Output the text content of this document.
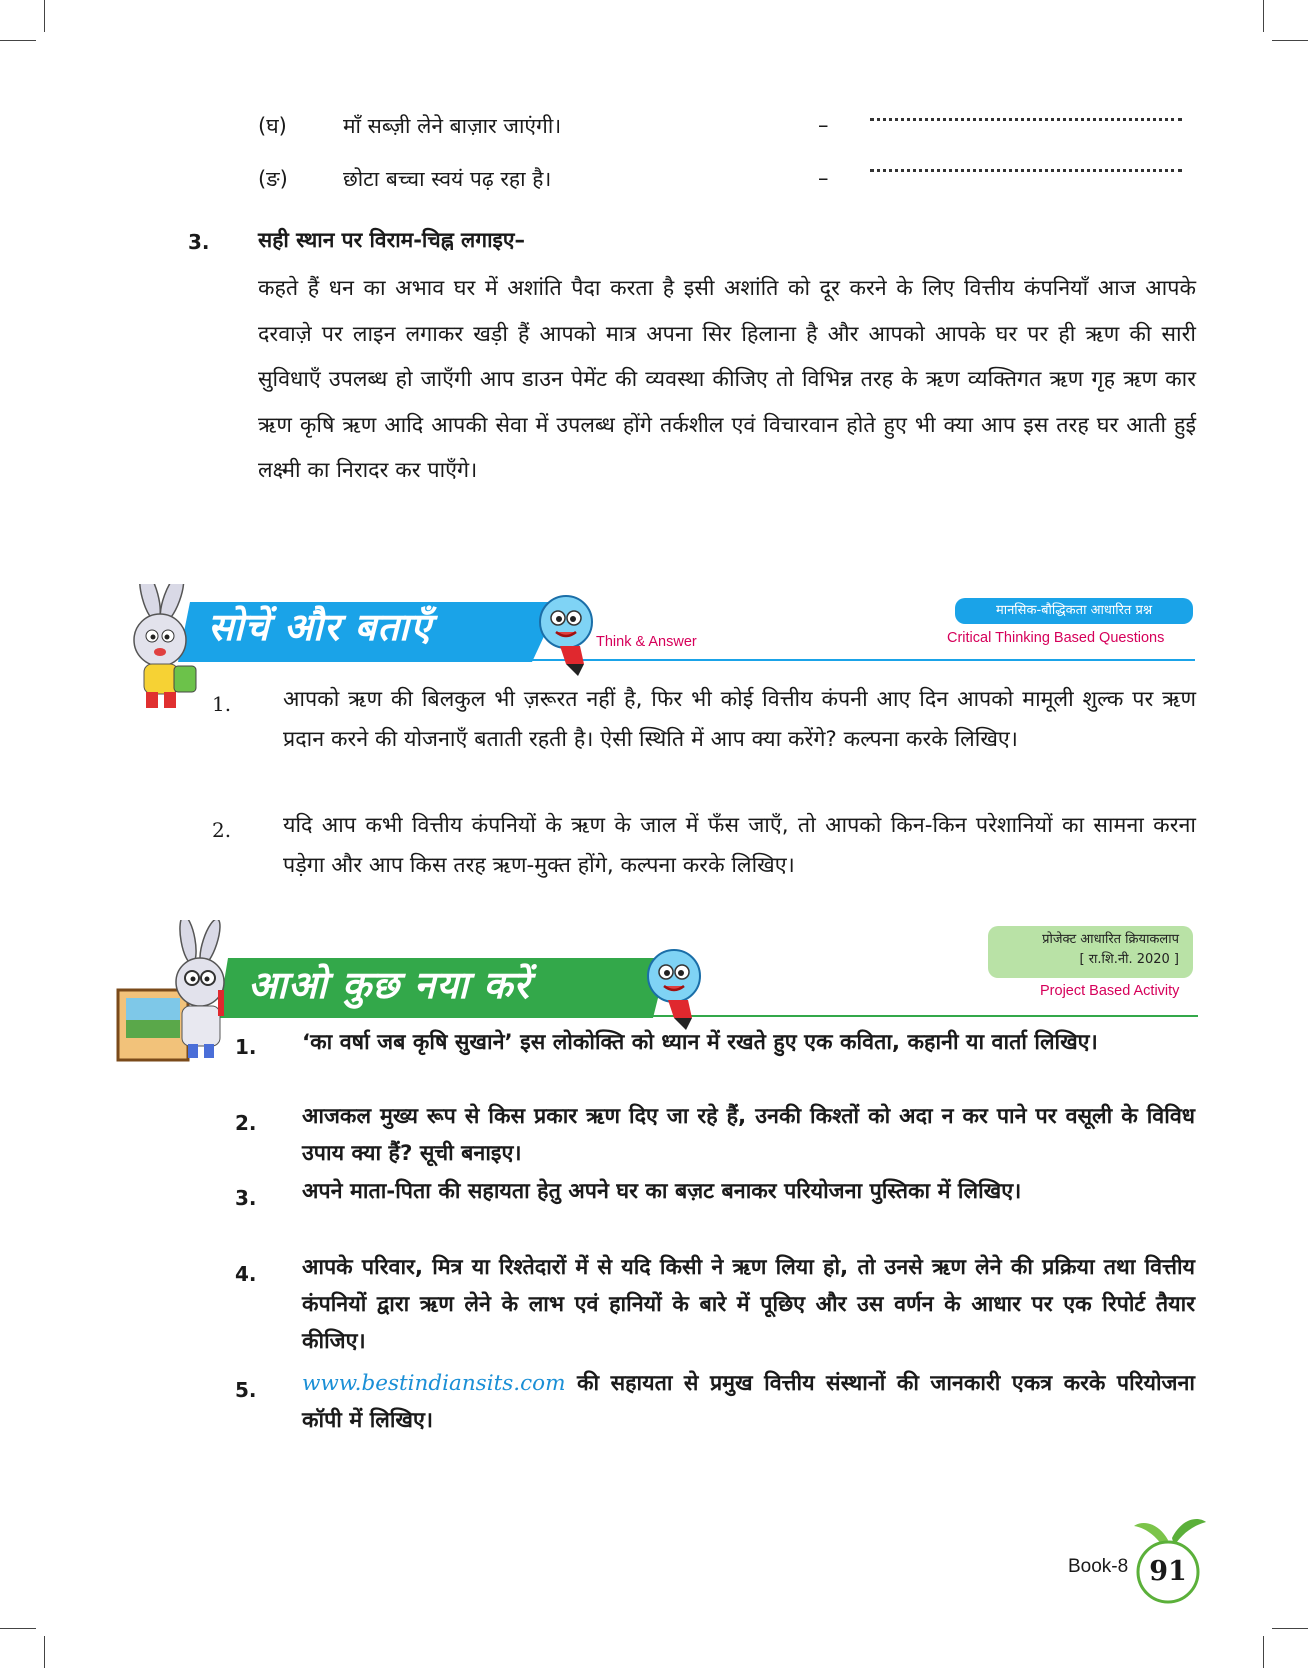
(घ)	माँ सब्ज़ी लेने बाज़ार जाएंगी।	–
(ङ)	छोटा बच्चा स्वयं पढ़ रहा है।	–
3. सही स्थान पर विराम-चिह्न लगाइए–
कहते हैं धन का अभाव घर में अशांति पैदा करता है इसी अशांति को दूर करने के लिए वित्तीय कंपनियाँ आज आपके दरवाज़े पर लाइन लगाकर खड़ी हैं आपको मात्र अपना सिर हिलाना है और आपको आपके घर पर ही ऋण की सारी सुविधाएँ उपलब्ध हो जाएँगी आप डाउन पेमेंट की व्यवस्था कीजिए तो विभिन्न तरह के ऋण व्यक्तिगत ऋण गृह ऋण कार ऋण कृषि ऋण आदि आपकी सेवा में उपलब्ध होंगे तर्कशील एवं विचारवान होते हुए भी क्या आप इस तरह घर आती हुई लक्ष्मी का निरादर कर पाएँगे।
सोचें और बताएँ	Think & Answer
मानसिक-बौद्धिकता आधारित प्रश्न
Critical Thinking Based Questions
1. आपको ऋण की बिलकुल भी ज़रूरत नहीं है, फिर भी कोई वित्तीय कंपनी आए दिन आपको मामूली शुल्क पर ऋण प्रदान करने की योजनाएँ बताती रहती है। ऐसी स्थिति में आप क्या करेंगे? कल्पना करके लिखिए।
2. यदि आप कभी वित्तीय कंपनियों के ऋण के जाल में फँस जाएँ, तो आपको किन-किन परेशानियों का सामना करना पड़ेगा और आप किस तरह ऋण-मुक्त होंगे, कल्पना करके लिखिए।
आओ कुछ नया करें
प्रोजेक्ट आधारित क्रियाकलाप
[ रा.शि.नी. 2020 ]
Project Based Activity
1. ‘का वर्षा जब कृषि सुखाने’ इस लोकोक्ति को ध्यान में रखते हुए एक कविता, कहानी या वार्ता लिखिए।
2. आजकल मुख्य रूप से किस प्रकार ऋण दिए जा रहे हैं, उनकी किश्तों को अदा न कर पाने पर वसूली के विविध उपाय क्या हैं? सूची बनाइए।
3. अपने माता-पिता की सहायता हेतु अपने घर का बज़ट बनाकर परियोजना पुस्तिका में लिखिए।
4. आपके परिवार, मित्र या रिश्तेदारों में से यदि किसी ने ऋण लिया हो, तो उनसे ऋण लेने की प्रक्रिया तथा वित्तीय कंपनियों द्वारा ऋण लेने के लाभ एवं हानियों के बारे में पूछिए और उस वर्णन के आधार पर एक रिपोर्ट तैयार कीजिए।
5. www.bestindiansits.com की सहायता से प्रमुख वित्तीय संस्थानों की जानकारी एकत्र करके परियोजना कॉपी में लिखिए।
Book-8 91
